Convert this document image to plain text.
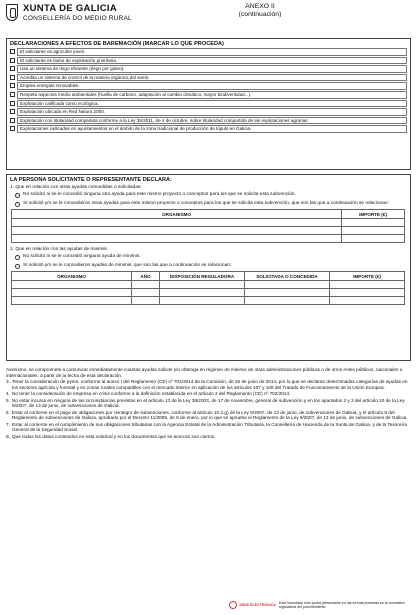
XUNTA DE GALICIA
CONSELLERÍA DO MEDIO RURAL
ANEXO II
(continuación)
DECLARACIONES A EFECTOS DE BAREMACIÓN (MARCAR LO QUE PROCEDA)
El solicitante es agricultor joven.
El solicitante es titular de explotación prioritaria.
Usa un sistema de riego eficiente (riego por goteo).
Acredita un sistema de control de la materia orgánica del suelo.
Emplea energías renovables.
Respeta aspectos medio ambientales (huella de carbono, adaptación al cambio climático, mayor biodiversidad...).
Explotación calificada como ecológica.
Explotación ubicada en Red Natura 2000.
Explotación con titularidad compartida conforme a la Ley 35/2011, de 4 de octubre, sobre titularidad compartida de las explotaciones agrarias.
Explotaciones radicadas en ayuntamientos en el ámbito de la zona tradicional de producción de lúpulo en Galicia.
LA PERSONA SOLICITANTE O REPRESENTANTE DECLARA:
1. Que en relación con otras ayudas concedidas o solicitadas:
No solicitó ni se le concedió ninguna otra ayuda para este mismo proyecto o conceptos para los que se solicita esta subvención.
Sí solicitó y/o se le concedieron otras ayudas para este mismo proyecto o conceptos para los que se solicita esta subvención, que son las que a continuación se relacionan:
ORGANISMO	IMPORTE (€)

2. Que en relación con las ayudas de minimis.
No solicitó ni se le concedió ninguna ayuda de minimis.
Sí solicitó y/o se le concedieron ayudas de minimis, que son las que a continuación se relacionan:
ORGANISMO	AÑO	DISPOSICIÓN REGULADORA	SOLICITADA O CONCEDIDA	IMPORTE (€)

Asimismo, se compromete a comunicar inmediatamente cuantas ayudas solicite y/o obtenga en régimen de minimis de otras administraciones públicas o de otros entes públicos, nacionales o internacionales, a partir de la fecha de esta declaración.
3. Tener la consideración de pyme, conforme al anexo I del Reglamento (CE) nº 702/2014 de la Comisión, de 25 de junio de 2014, por lo que se declaran determinadas categorías de ayudas en los sectores agrícola y forestal y en zonas rurales compatibles con el mercado interior en aplicación de los artículos 107 y 108 del Tratado de Funcionamiento de la Unión Europea.
4. No tener la consideración de empresa en crisis conforme a la definición establecida en el artículo 2 del Reglamento (CE) nº 702/2014.
5. No estar incursa en ninguna de las circunstancias previstas en el artículo 13 de la Ley 38/2003, de 17 de noviembre, general de subvención y en los apartados 2 y 3 del artículo 10 de la Ley 9/2007, de 13 de junio, de subvenciones de Galicia.
6. Estar al corriente en el pago de obligaciones por reintegro de subvenciones, conforme al artículo 10.2.g) de la Ley 9/2007, de 13 de junio, de subvenciones de Galicia, y el artículo 9 del Reglamento de subvenciones de Galicia, aprobado por el Decreto 11/2009, de 8 de enero, por lo que se aprueba el Reglamento de la Ley 9/2007, de 13 de junio, de subvenciones de Galicia.
7. Estar al corriente en el cumplimiento de sus obligaciones tributarias con la Agencia Estatal de la Administración Tributaria, la Consellería de Hacienda de la Xunta de Galicia, y de la Tesorería General de la Seguridad Social.
8. Que todos los datos contenidos en esta solicitud y en los documentos que se acercan son ciertos.
SEDE ELECTRÓNICA Este formulario sólo podrá presentarse en las formas previstas en la normativa reguladora del procedimiento
